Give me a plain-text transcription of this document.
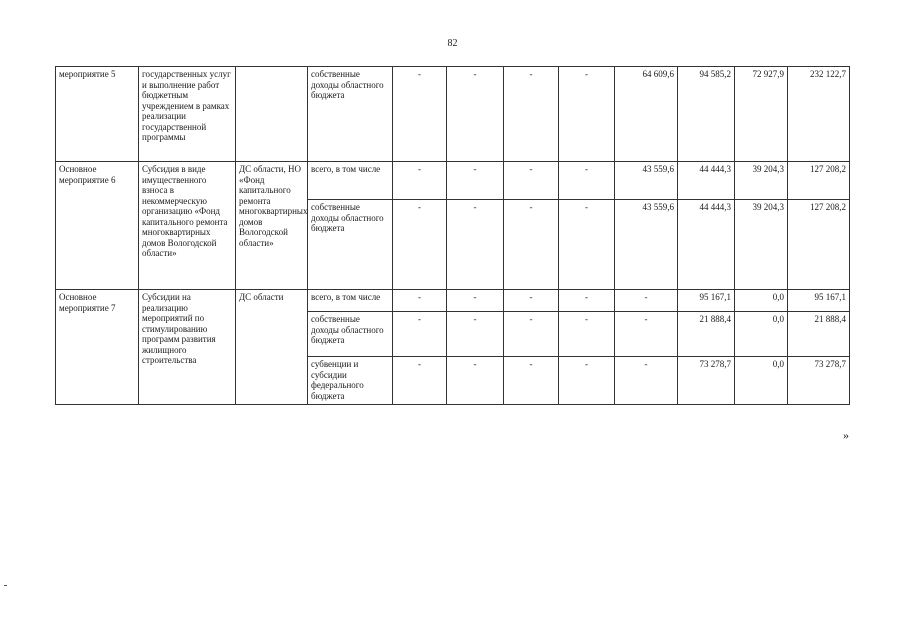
82
мероприятие 5	государственных услуг и выполнение работ бюджетным учреждением в рамках реализации государственной программы		собственные доходы областного бюджета	-	-	-	-	64 609,6	94 585,2	72 927,9	232 122,7
Основное мероприятие 6	Субсидия в виде имущественного взноса в некоммерческую организацию «Фонд капитального ремонта многоквартирных домов Вологодской области»	ДС области, НО «Фонд капитального ремонта многоквартирных домов Вологодской области»	всего, в том числе	-	-	-	-	43 559,6	44 444,3	39 204,3	127 208,2
			собственные доходы областного бюджета	-	-	-	-	43 559,6	44 444,3	39 204,3	127 208,2
Основное мероприятие 7	Субсидии на реализацию мероприятий по стимулированию программ развития жилищного строительства	ДС области	всего, в том числе	-	-	-	-	-	95 167,1	0,0	95 167,1
			собственные доходы областного бюджета	-	-	-	-	-	21 888,4	0,0	21 888,4
			субвенции и субсидии федерального бюджета	-	-	-	-	-	73 278,7	0,0	73 278,7
»
